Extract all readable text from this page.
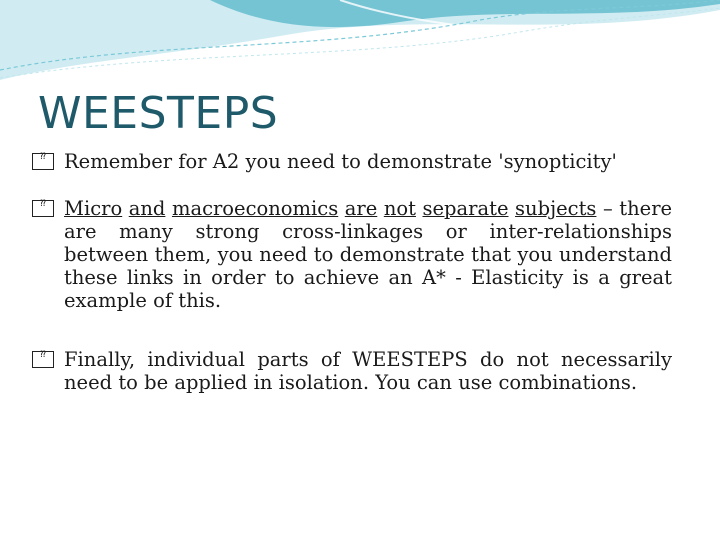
WEESTEPS
⁇ Remember for A2 you need to demonstrate 'synopticity'
⁇ Micro and macroeconomics are not separate subjects – there are many strong cross-linkages or inter-relationships between them, you need to demonstrate that you understand these links in order to achieve an A* - Elasticity is a great example of this.
⁇ Finally, individual parts of WEESTEPS do not necessarily need to be applied in isolation. You can use combinations.
